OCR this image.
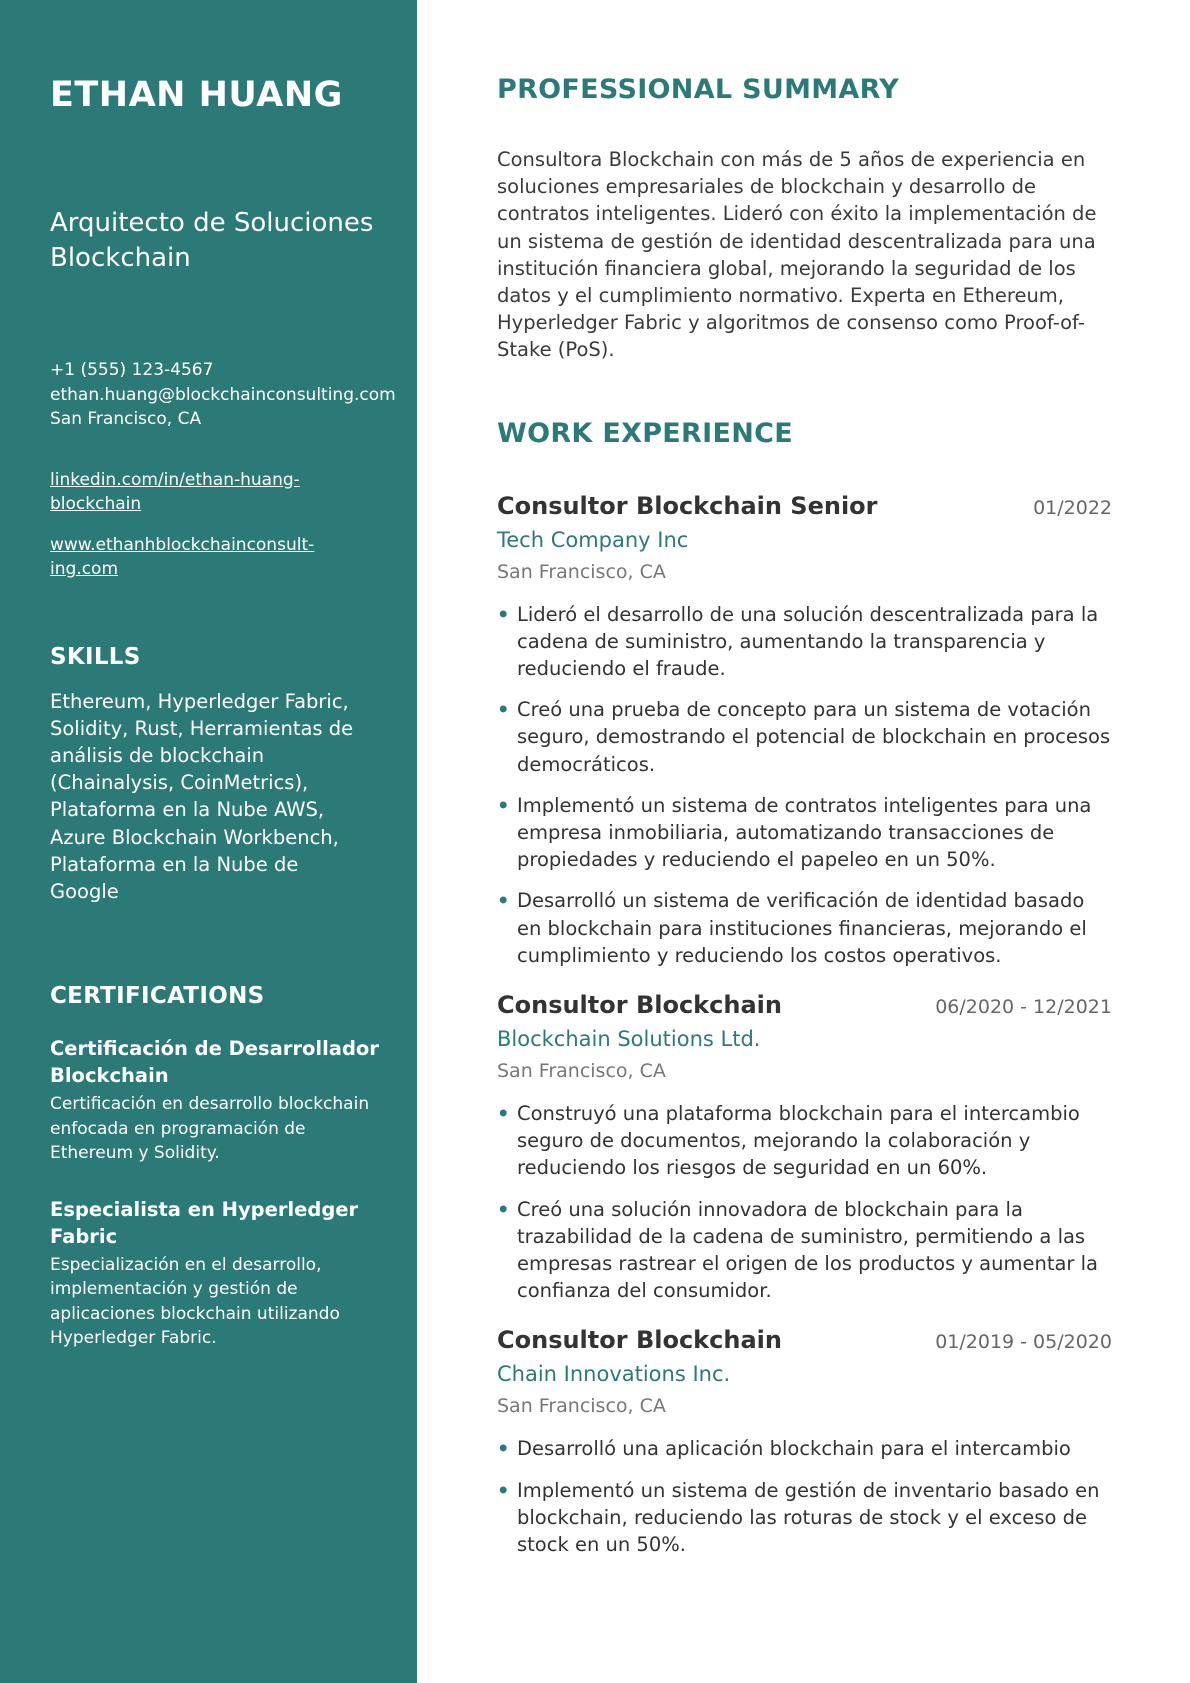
ETHAN HUANG
Arquitecto de Soluciones Blockchain
+1 (555) 123-4567
ethan.huang@blockchainconsulting.com
San Francisco, CA
linkedin.com/in/ethan-huang-blockchain
www.ethanhblockchainconsult-ing.com
SKILLS

Ethereum, Hyperledger Fabric, Solidity, Rust, Herramientas de análisis de blockchain (Chainalysis, CoinMetrics), Plataforma en la Nube AWS, Azure Blockchain Workbench, Plataforma en la Nube de Google

CERTIFICATIONS
Certificación de Desarrollador Blockchain
Certificación en desarrollo blockchain enfocada en programación de Ethereum y Solidity.
Especialista en Hyperledger Fabric
Especialización en el desarrollo, implementación y gestión de aplicaciones blockchain utilizando Hyperledger Fabric.
PROFESSIONAL SUMMARY

Consultora Blockchain con más de 5 años de experiencia en soluciones empresariales de blockchain y desarrollo de contratos inteligentes. Lideró con éxito la implementación de un sistema de gestión de identidad descentralizada para una institución financiera global, mejorando la seguridad de los datos y el cumplimiento normativo. Experta en Ethereum, Hyperledger Fabric y algoritmos de consenso como Proof-of-Stake (PoS).

WORK EXPERIENCE
Consultor Blockchain Senior	01/2022
Tech Company Inc
San Francisco, CA
• Lideró el desarrollo de una solución descentralizada para la cadena de suministro, aumentando la transparencia y reduciendo el fraude.
• Creó una prueba de concepto para un sistema de votación seguro, demostrando el potencial de blockchain en procesos democráticos.
• Implementó un sistema de contratos inteligentes para una empresa inmobiliaria, automatizando transacciones de propiedades y reduciendo el papeleo en un 50%.
• Desarrolló un sistema de verificación de identidad basado en blockchain para instituciones financieras, mejorando el cumplimiento y reduciendo los costos operativos.
Consultor Blockchain	06/2020 - 12/2021
Blockchain Solutions Ltd.
San Francisco, CA
• Construyó una plataforma blockchain para el intercambio seguro de documentos, mejorando la colaboración y reduciendo los riesgos de seguridad en un 60%.
• Creó una solución innovadora de blockchain para la trazabilidad de la cadena de suministro, permitiendo a las empresas rastrear el origen de los productos y aumentar la confianza del consumidor.
Consultor Blockchain	01/2019 - 05/2020
Chain Innovations Inc.
San Francisco, CA
• Desarrolló una aplicación blockchain para el intercambio
• Implementó un sistema de gestión de inventario basado en blockchain, reduciendo las roturas de stock y el exceso de stock en un 50%.
